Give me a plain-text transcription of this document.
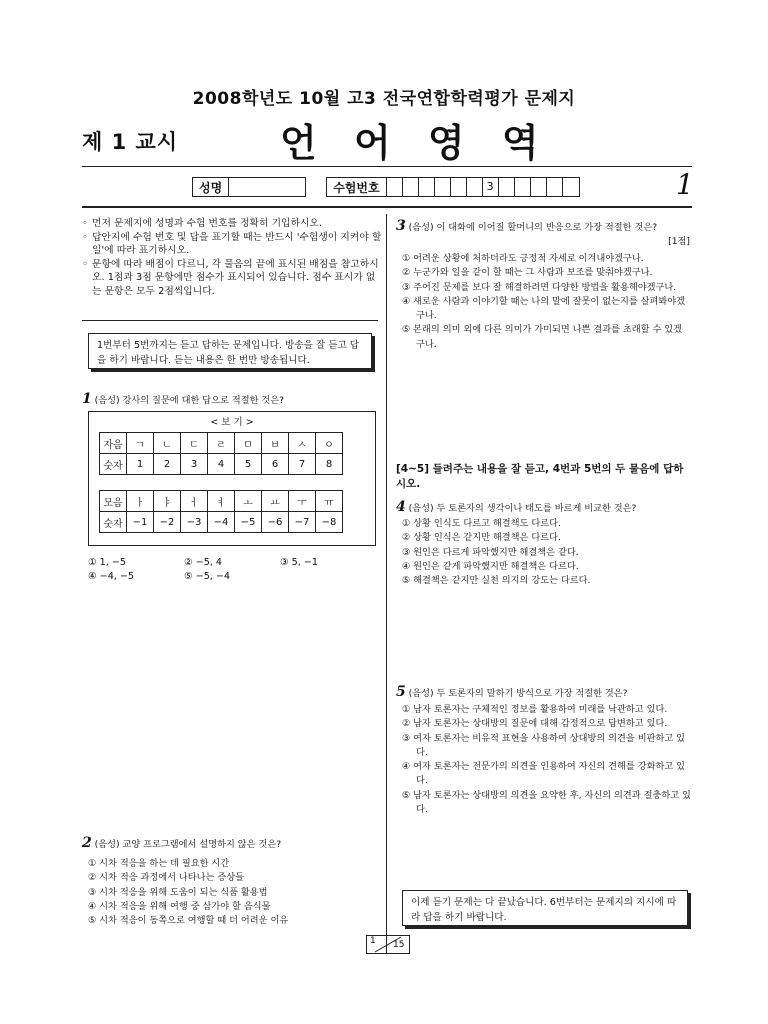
2008학년도 10월 고3 전국연합학력평가 문제지
제 1 교시	언 어 영 역
1
성명	수험번호	3
◦ 먼저 문제지에 성명과 수험 번호를 정확히 기입하시오.
◦ 답안지에 수험 번호 및 답을 표기할 때는 반드시 '수험생이 지켜야 할 일'에 따라 표기하시오.
◦ 문항에 따라 배점이 다르니, 각 물음의 끝에 표시된 배점을 참고하시오. 1점과 3점 문항에만 점수가 표시되어 있습니다. 점수 표시가 없는 문항은 모두 2점씩입니다.
1번부터 5번까지는 듣고 답하는 문제입니다. 방송을 잘 듣고 답을 하기 바랍니다. 듣는 내용은 한 번만 방송됩니다.
1 (음성) 강사의 질문에 대한 답으로 적절한 것은?
< 보 기 >
자음	ㄱ	ㄴ	ㄷ	ㄹ	ㅁ	ㅂ	ㅅ	ㅇ
숫자	1	2	3	4	5	6	7	8
모음	ㅏ	ㅑ	ㅓ	ㅕ	ㅗ	ㅛ	ㅜ	ㅠ
숫자	−1	−2	−3	−4	−5	−6	−7	−8
① 1, −5	② −5, 4	③ 5, −1
④ −4, −5	⑤ −5, −4
2 (음성) 교양 프로그램에서 설명하지 않은 것은?
① 시차 적응을 하는 데 필요한 시간
② 시차 적응 과정에서 나타나는 증상들
③ 시차 적응을 위해 도움이 되는 식품 활용법
④ 시차 적응을 위해 여행 중 삼가야 할 음식물
⑤ 시차 적응이 동쪽으로 여행할 때 더 어려운 이유
3 (음성) 이 대화에 이어질 할머니의 반응으로 가장 적절한 것은?
[1점]
① 어려운 상황에 처하더라도 긍정적 자세로 이겨내야겠구나.
② 누군가와 일을 같이 할 때는 그 사람과 보조를 맞춰야겠구나.
③ 주어진 문제를 보다 잘 해결하려면 다양한 방법을 활용해야겠구나.
④ 새로운 사람과 이야기할 때는 나의 말에 잘못이 없는지를 살펴봐야겠구나.
⑤ 본래의 의미 외에 다른 의미가 가미되면 나쁜 결과를 초래할 수 있겠구나.
[4~5] 들려주는 내용을 잘 듣고, 4번과 5번의 두 물음에 답하시오.
4 (음성) 두 토론자의 생각이나 태도를 바르게 비교한 것은?
① 상황 인식도 다르고 해결책도 다르다.
② 상황 인식은 같지만 해결책은 다르다.
③ 원인은 다르게 파악했지만 해결책은 같다.
④ 원인은 같게 파악했지만 해결책은 다르다.
⑤ 해결책은 같지만 실천 의지의 강도는 다르다.
5 (음성) 두 토론자의 말하기 방식으로 가장 적절한 것은?
① 남자 토론자는 구체적인 정보를 활용하여 미래를 낙관하고 있다.
② 남자 토론자는 상대방의 질문에 대해 감정적으로 답변하고 있다.
③ 여자 토론자는 비유적 표현을 사용하여 상대방의 의견을 비판하고 있다.
④ 여자 토론자는 전문가의 의견을 인용하여 자신의 견해를 강화하고 있다.
⑤ 남자 토론자는 상대방의 의견을 요약한 후, 자신의 의견과 절충하고 있다.
이제 듣기 문제는 다 끝났습니다. 6번부터는 문제지의 지시에 따라 답을 하기 바랍니다.
1 15
